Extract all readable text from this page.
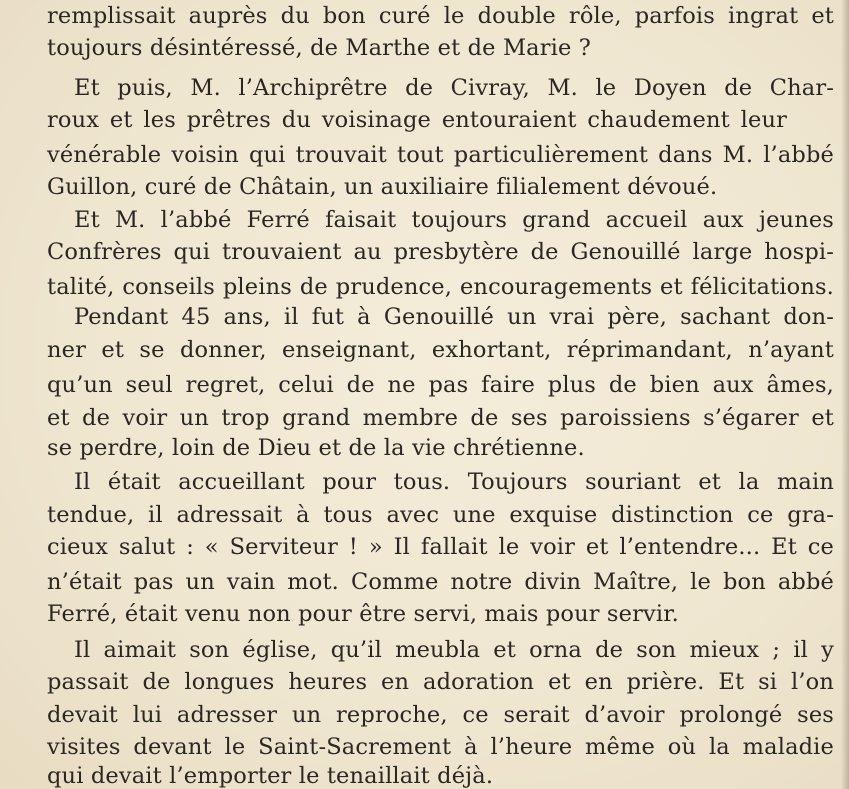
remplissait auprès du bon curé le double rôle, parfois ingrat et
toujours désintéressé, de Marthe et de Marie ?
Et puis, M. l’Archiprêtre de Civray, M. le Doyen de Char-
roux et les prêtres du voisinage entouraient chaudement leur
vénérable voisin qui trouvait tout particulièrement dans M. l’abbé
Guillon, curé de Châtain, un auxiliaire filialement dévoué.
Et M. l’abbé Ferré faisait toujours grand accueil aux jeunes
Confrères qui trouvaient au presbytère de Genouillé large hospi-
talité, conseils pleins de prudence, encouragements et félicitations.
Pendant 45 ans, il fut à Genouillé un vrai père, sachant don-
ner et se donner, enseignant, exhortant, réprimandant, n’ayant
qu’un seul regret, celui de ne pas faire plus de bien aux âmes,
et de voir un trop grand membre de ses paroissiens s’égarer et
se perdre, loin de Dieu et de la vie chrétienne.
Il était accueillant pour tous. Toujours souriant et la main
tendue, il adressait à tous avec une exquise distinction ce gra-
cieux salut : « Serviteur ! » Il fallait le voir et l’entendre... Et ce
n’était pas un vain mot. Comme notre divin Maître, le bon abbé
Ferré, était venu non pour être servi, mais pour servir.
Il aimait son église, qu’il meubla et orna de son mieux ; il y
passait de longues heures en adoration et en prière. Et si l’on
devait lui adresser un reproche, ce serait d’avoir prolongé ses
visites devant le Saint-Sacrement à l’heure même où la maladie
qui devait l’emporter le tenaillait déjà.
